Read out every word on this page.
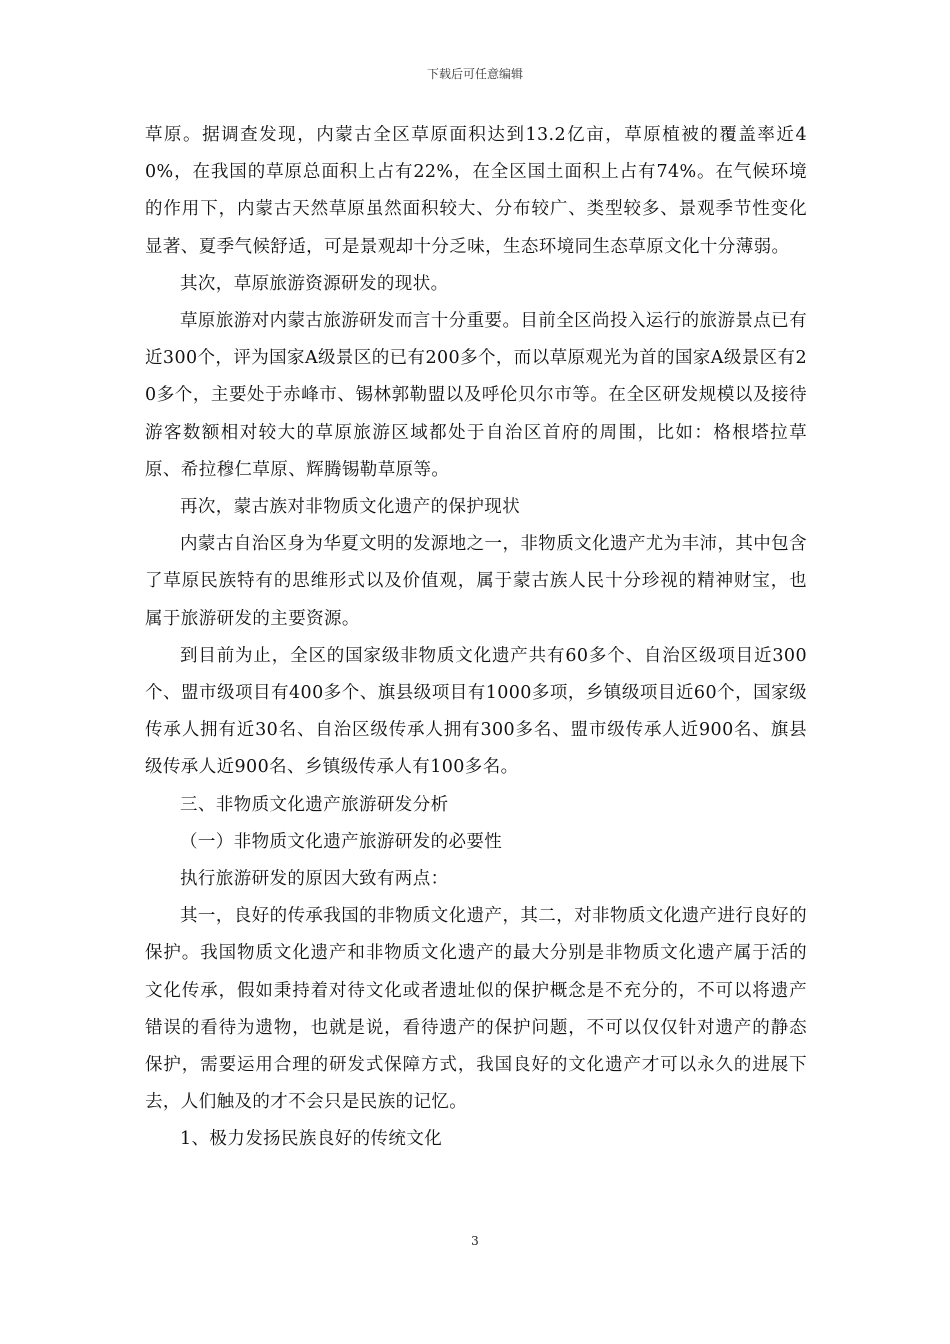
下载后可任意编辑

草原。据调查发现，内蒙古全区草原面积达到13.2亿亩，草原植被的覆盖率近40%，在我国的草原总面积上占有22%，在全区国土面积上占有74%。在气候环境的作用下，内蒙古天然草原虽然面积较大、分布较广、类型较多、景观季节性变化显著、夏季气候舒适，可是景观却十分乏味，生态环境同生态草原文化十分薄弱。

其次，草原旅游资源研发的现状。

草原旅游对内蒙古旅游研发而言十分重要。目前全区尚投入运行的旅游景点已有近300个，评为国家A级景区的已有200多个，而以草原观光为首的国家A级景区有20多个，主要处于赤峰市、锡林郭勒盟以及呼伦贝尔市等。在全区研发规模以及接待游客数额相对较大的草原旅游区域都处于自治区首府的周围，比如：格根塔拉草原、希拉穆仁草原、辉腾锡勒草原等。

再次，蒙古族对非物质文化遗产的保护现状

内蒙古自治区身为华夏文明的发源地之一，非物质文化遗产尤为丰沛，其中包含了草原民族特有的思维形式以及价值观，属于蒙古族人民十分珍视的精神财宝，也属于旅游研发的主要资源。

到目前为止，全区的国家级非物质文化遗产共有60多个、自治区级项目近300个、盟市级项目有400多个、旗县级项目有1000多项，乡镇级项目近60个，国家级传承人拥有近30名、自治区级传承人拥有300多名、盟市级传承人近900名、旗县级传承人近900名、乡镇级传承人有100多名。

三、非物质文化遗产旅游研发分析

（一）非物质文化遗产旅游研发的必要性

执行旅游研发的原因大致有两点：

其一，良好的传承我国的非物质文化遗产，其二，对非物质文化遗产进行良好的保护。我国物质文化遗产和非物质文化遗产的最大分别是非物质文化遗产属于活的文化传承，假如秉持着对待文化或者遗址似的保护概念是不充分的，不可以将遗产错误的看待为遗物，也就是说，看待遗产的保护问题，不可以仅仅针对遗产的静态保护，需要运用合理的研发式保障方式，我国良好的文化遗产才可以永久的进展下去，人们触及的才不会只是民族的记忆。

1、极力发扬民族良好的传统文化

3
